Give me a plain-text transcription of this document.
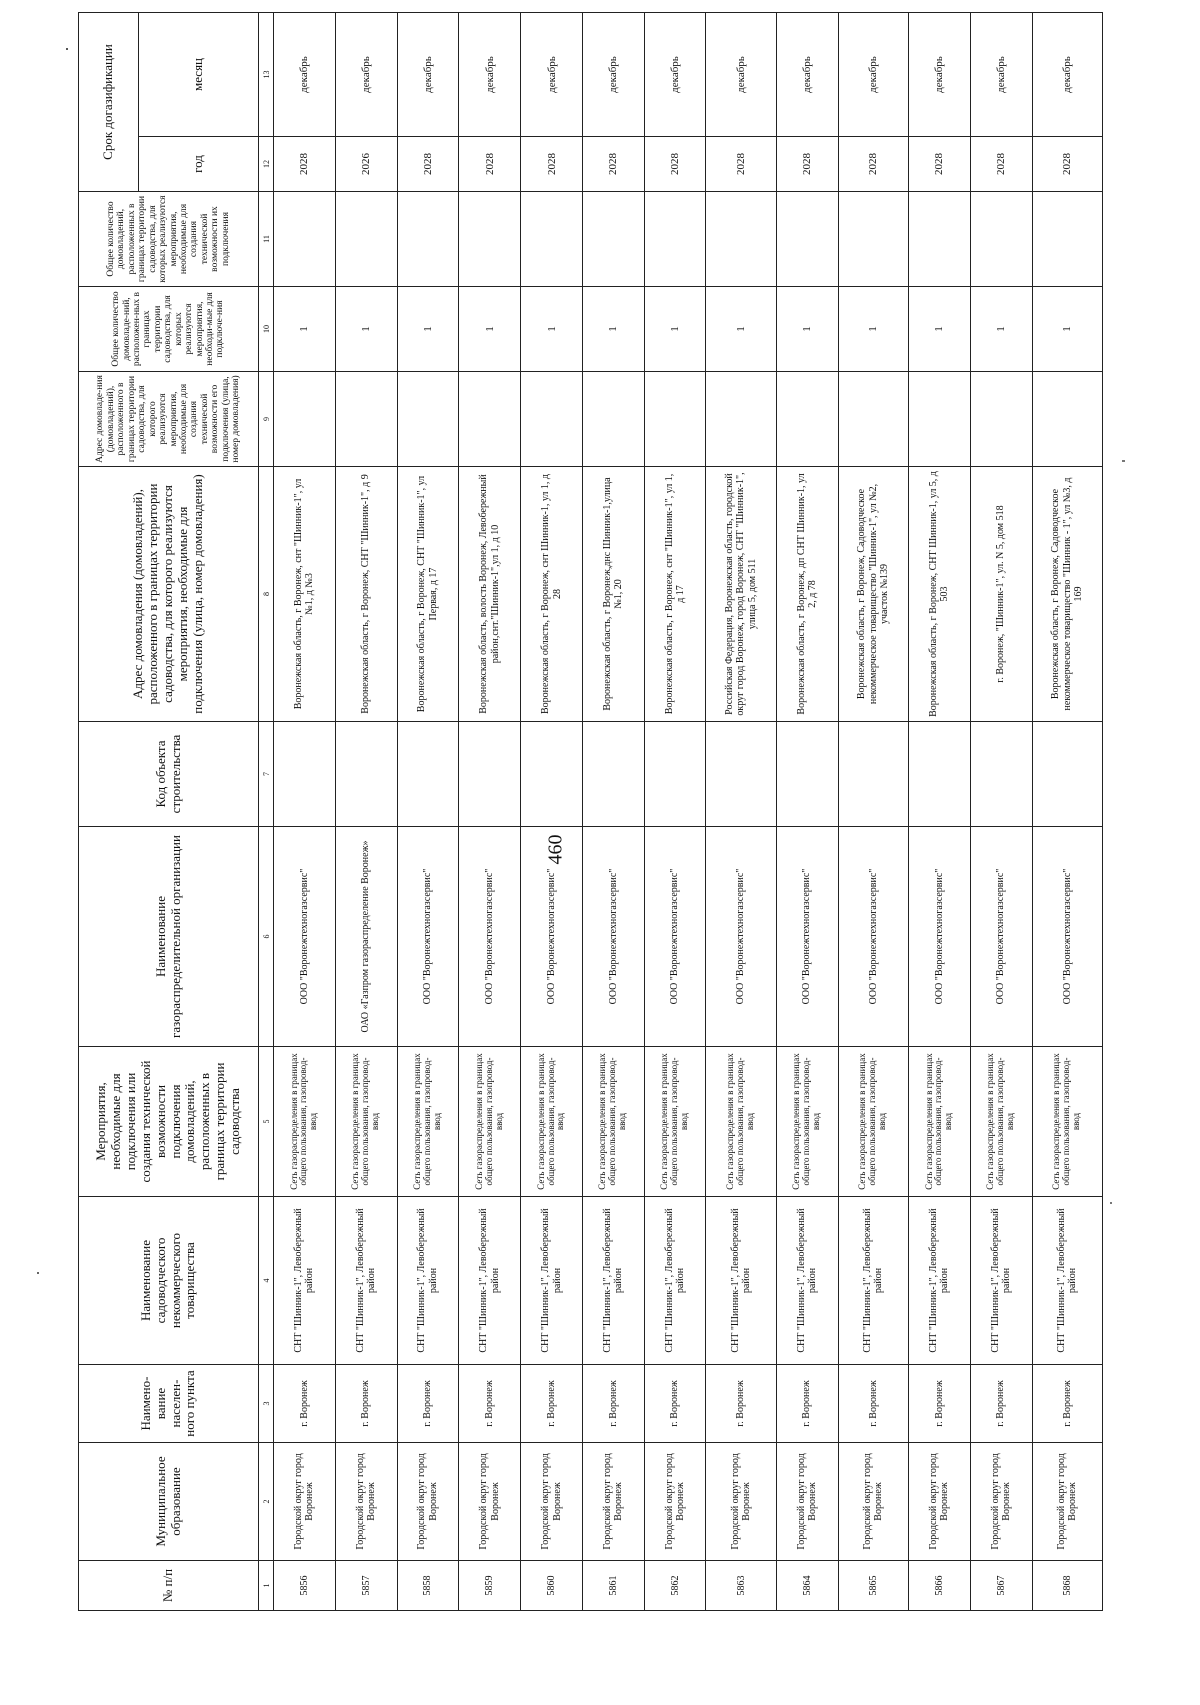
460
№ п/п	Муниципальное образование	Наимено-вание населен-ного пункта	Наименование садоводческого некоммерческого товарищества	Мероприятия, необходимые для подключения или создания технической возможности подключения домовладений, расположенных в границах территории садоводства	Наименование газораспределительной организации	Код объекта строительства	Адрес домовладения (домовладений), расположенного в границах территории садоводства, для которого реализуются мероприятия, необходимые для подключения (улица, номер домовладения)	Адрес домовладе-ния (домовладений), расположенного в границах территории садоводства, для которого реализуются мероприятия, необходимые для создания технической возможности его подключения (улица, номер домовладения)	Общее количество домовладе-ний, расположен-ных в границах территории садоводства, для которых реализуются мероприятия, необходи-мые для подключе-ния	Общее количество домовладений, расположенных в границах территории садоводства, для которых реализуются мероприятия, необходимые для создания технической возможности их подключения	Срок догазификации	
											год	месяц
1	2	3	4	5	6	7	8	9	10	11	12	13
5856	Городской округ город Воронеж	г. Воронеж	СНТ "Шинник-1", Левобережный район	Сеть газораспределения в границах общего пользования, газопровод-ввод	ООО "Воронежтехногазсервис"		Воронежская область, г Воронеж, снт "Шинник-1", ул №1, д №3		1		2028	декабрь
5857	Городской округ город Воронеж	г. Воронеж	СНТ "Шинник-1", Левобережный район	Сеть газораспределения в границах общего пользования, газопровод-ввод	ОАО «Газпром газораспределение Воронеж»		Воронежская область, г Воронеж, СНТ "Шинник-1", д 9		1		2026	декабрь
5858	Городской округ город Воронеж	г. Воронеж	СНТ "Шинник-1", Левобережный район	Сеть газораспределения в границах общего пользования, газопровод-ввод	ООО "Воронежтехногазсервис"		Воронежская область, г Воронеж, СНТ "Шинник-1", ул Первая, д 17		1		2028	декабрь
5859	Городской округ город Воронеж	г. Воронеж	СНТ "Шинник-1", Левобережный район	Сеть газораспределения в границах общего пользования, газопровод-ввод	ООО "Воронежтехногазсервис"		Воронежская область, волость Воронеж, Левобережный район,снт."Шинник-1",ул 1, д 10		1		2028	декабрь
5860	Городской округ город Воронеж	г. Воронеж	СНТ "Шинник-1", Левобережный район	Сеть газораспределения в границах общего пользования, газопровод-ввод	ООО "Воронежтехногазсервис"		Воронежская область, г Воронеж, снт Шинник-1, ул 1, д 28		1		2028	декабрь
5861	Городской округ город Воронеж	г. Воронеж	СНТ "Шинник-1", Левобережный район	Сеть газораспределения в границах общего пользования, газопровод-ввод	ООО "Воронежтехногазсервис"		Воронежская область, г Воронеж,днс Шинник-1,улица №1, 20		1		2028	декабрь
5862	Городской округ город Воронеж	г. Воронеж	СНТ "Шинник-1", Левобережный район	Сеть газораспределения в границах общего пользования, газопровод-ввод	ООО "Воронежтехногазсервис"		Воронежская область, г Воронеж, снт "Шинник-1", ул 1, д 17		1		2028	декабрь
5863	Городской округ город Воронеж	г. Воронеж	СНТ "Шинник-1", Левобережный район	Сеть газораспределения в границах общего пользования, газопровод-ввод	ООО "Воронежтехногазсервис"		Российская Федерация, Воронежская область, городской округ город Воронеж, город Воронеж, СНТ "Шинник-1", улица 5, дом 511		1		2028	декабрь
5864	Городской округ город Воронеж	г. Воронеж	СНТ "Шинник-1", Левобережный район	Сеть газораспределения в границах общего пользования, газопровод-ввод	ООО "Воронежтехногазсервис"		Воронежская область, г Воронеж, дп СНТ Шинник-1, ул 2, д 78		1		2028	декабрь
5865	Городской округ город Воронеж	г. Воронеж	СНТ "Шинник-1", Левобережный район	Сеть газораспределения в границах общего пользования, газопровод-ввод	ООО "Воронежтехногазсервис"		Воронежская область, г Воронеж, Садоводческое некоммерческое товарищество "Шинник-1", ул №2, участок №139		1		2028	декабрь
5866	Городской округ город Воронеж	г. Воронеж	СНТ "Шинник-1", Левобережный район	Сеть газораспределения в границах общего пользования, газопровод-ввод	ООО "Воронежтехногазсервис"		Воронежская область, г Воронеж, СНТ Шинник-1, ул 5, д 503		1		2028	декабрь
5867	Городской округ город Воронеж	г. Воронеж	СНТ "Шинник-1", Левобережный район	Сеть газораспределения в границах общего пользования, газопровод-ввод	ООО "Воронежтехногазсервис"		г. Воронеж, "Шинник-1", ул. N 5, дом 518		1		2028	декабрь
5868	Городской округ город Воронеж	г. Воронеж	СНТ "Шинник-1", Левобережный район	Сеть газораспределения в границах общего пользования, газопровод-ввод	ООО "Воронежтехногазсервис"		Воронежская область, г Воронеж, Садоводческое некоммерческое товарищество "Шинник - 1", ул №3, д 169		1		2028	декабрь
